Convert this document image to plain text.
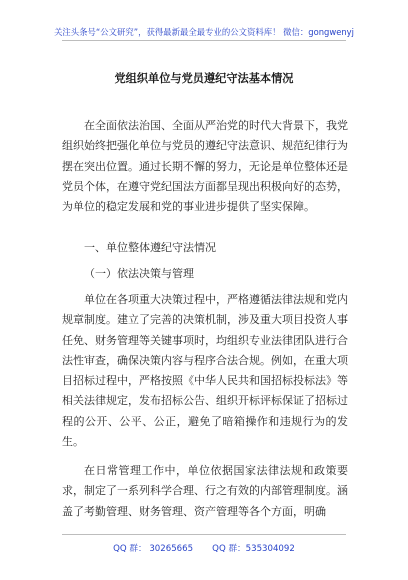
关注头条号“公文研究”，获得最新最全最专业的公文资料库！ 微信：gongwenyj
党组织单位与党员遵纪守法基本情况

在全面依法治国、全面从严治党的时代大背景下，我党组织始终把强化单位与党员的遵纪守法意识、规范纪律行为摆在突出位置。通过长期不懈的努力，无论是单位整体还是党员个体，在遵守党纪国法方面都呈现出积极向好的态势，为单位的稳定发展和党的事业进步提供了坚实保障。

一、单位整体遵纪守法情况

（一）依法决策与管理

单位在各项重大决策过程中，严格遵循法律法规和党内规章制度。建立了完善的决策机制，涉及重大项目投资人事任免、财务管理等关键事项时，均组织专业法律团队进行合法性审查，确保决策内容与程序合法合规。例如，在重大项目招标过程中，严格按照《中华人民共和国招标投标法》等相关法律规定，发布招标公告、组织开标评标保证了招标过程的公开、公平、公正，避免了暗箱操作和违规行为的发生。

在日常管理工作中，单位依据国家法律法规和政策要求，制定了一系列科学合理、行之有效的内部管理制度。涵盖了考勤管理、财务管理、资产管理等各个方面，明确

QQ 群： 30265665       QQ 群：535304092
